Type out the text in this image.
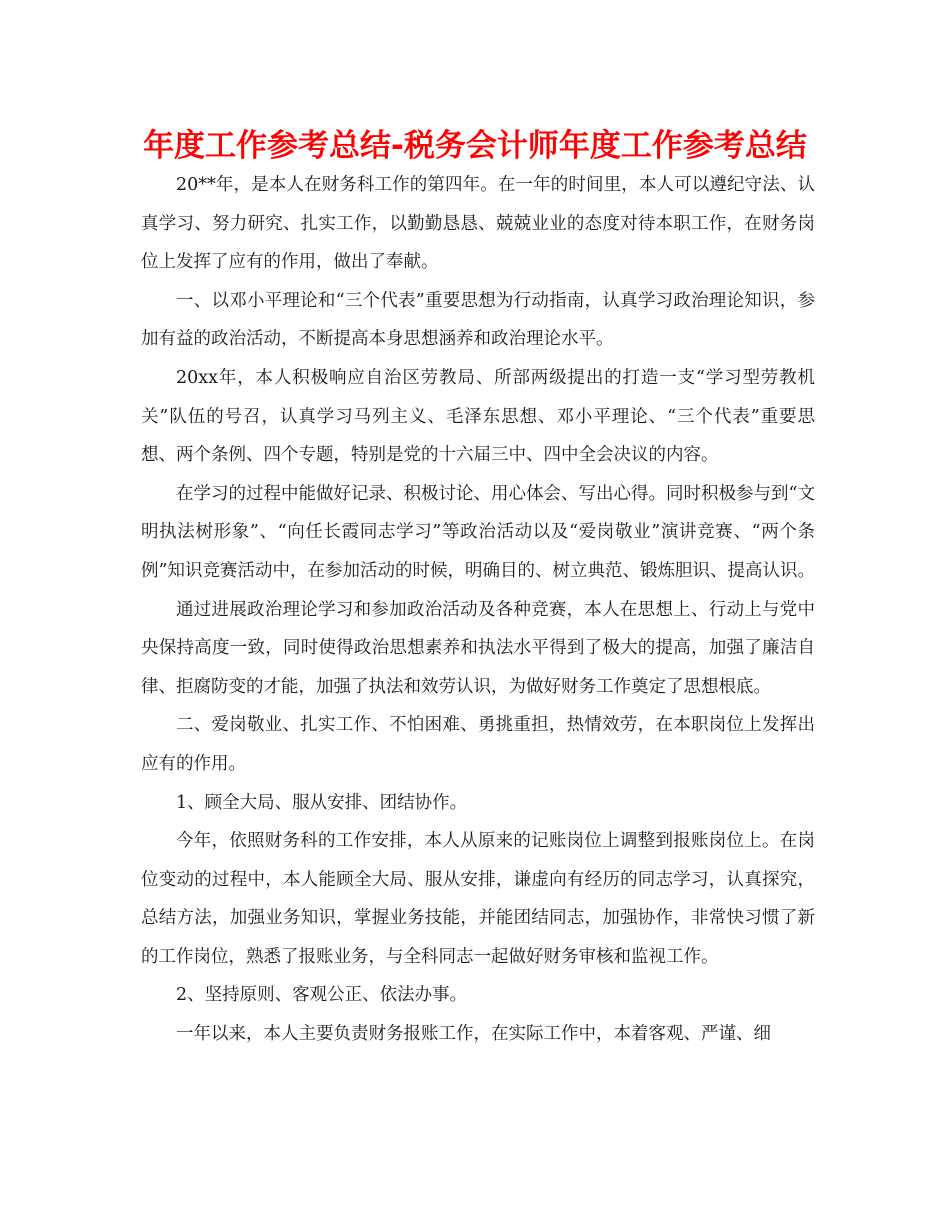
年度工作参考总结-税务会计师年度工作参考总结

20**年，是本人在财务科工作的第四年。在一年的时间里，本人可以遵纪守法、认真学习、努力研究、扎实工作，以勤勤恳恳、兢兢业业的态度对待本职工作，在财务岗位上发挥了应有的作用，做出了奉献。

一、以邓小平理论和“三个代表”重要思想为行动指南，认真学习政治理论知识，参加有益的政治活动，不断提高本身思想涵养和政治理论水平。

20xx年，本人积极响应自治区劳教局、所部两级提出的打造一支“学习型劳教机关”队伍的号召，认真学习马列主义、毛泽东思想、邓小平理论、“三个代表”重要思想、两个条例、四个专题，特别是党的十六届三中、四中全会决议的内容。

在学习的过程中能做好记录、积极讨论、用心体会、写出心得。同时积极参与到“文明执法树形象”、“向任长霞同志学习”等政治活动以及“爱岗敬业”演讲竞赛、“两个条例”知识竞赛活动中，在参加活动的时候，明确目的、树立典范、锻炼胆识、提高认识。

通过进展政治理论学习和参加政治活动及各种竞赛，本人在思想上、行动上与党中央保持高度一致，同时使得政治思想素养和执法水平得到了极大的提高，加强了廉洁自律、拒腐防变的才能，加强了执法和效劳认识，为做好财务工作奠定了思想根底。

二、爱岗敬业、扎实工作、不怕困难、勇挑重担，热情效劳，在本职岗位上发挥出应有的作用。

1、顾全大局、服从安排、团结协作。

今年，依照财务科的工作安排，本人从原来的记账岗位上调整到报账岗位上。在岗位变动的过程中，本人能顾全大局、服从安排，谦虚向有经历的同志学习，认真探究，总结方法，加强业务知识，掌握业务技能，并能团结同志，加强协作，非常快习惯了新的工作岗位，熟悉了报账业务，与全科同志一起做好财务审核和监视工作。

2、坚持原则、客观公正、依法办事。

一年以来，本人主要负责财务报账工作，在实际工作中，本着客观、严谨、细
